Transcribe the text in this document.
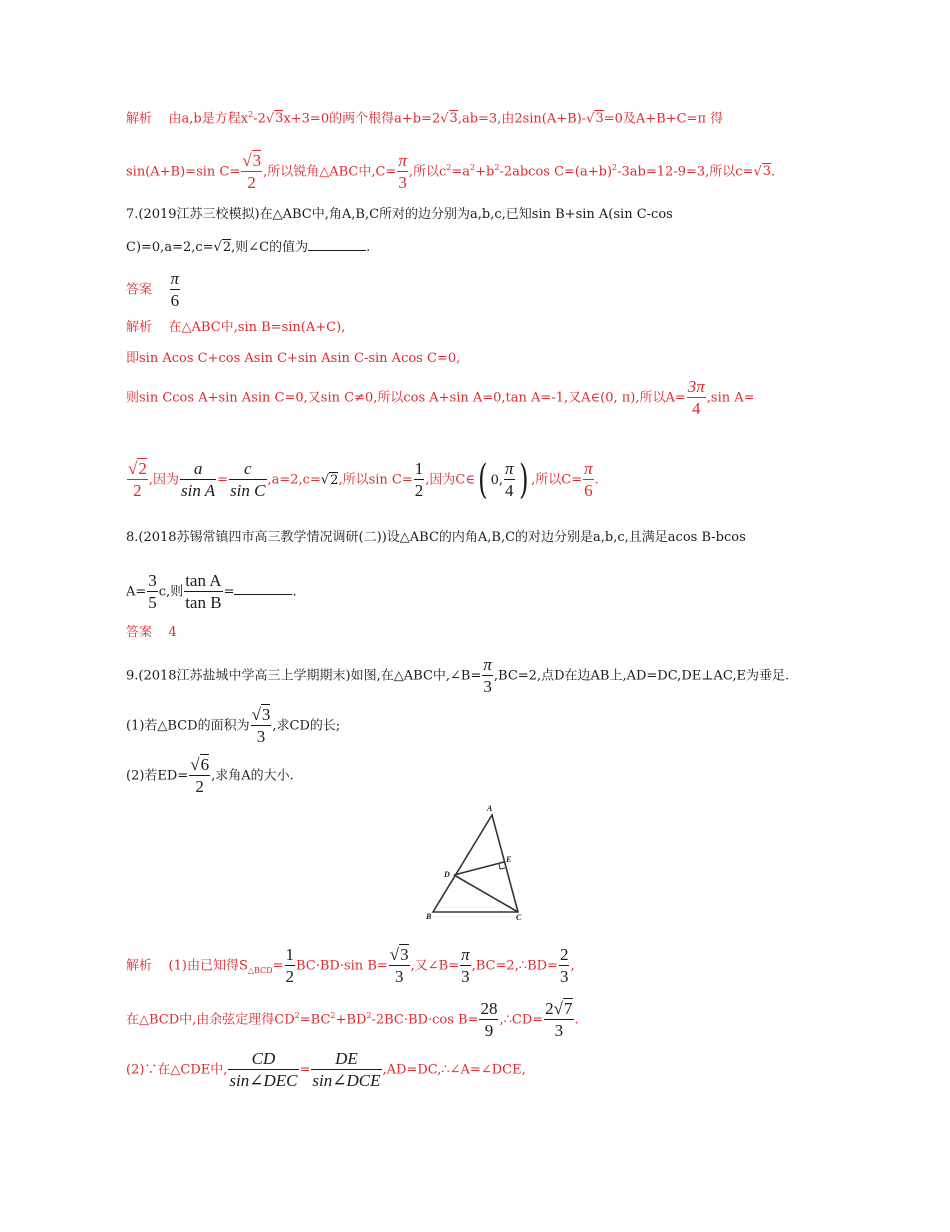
解析 由a,b是方程$x^2-2√3x+3=0$的两个根得a+b=2√3,ab=3,由2sin(A+B)-√3=0及A+B+C=π 得
sin(A+B)=sin $C= \frac{√3}{2}$ ,所以锐角△ABC中$,C= \frac{\pi}{3}$ ,所以$c^2=a^2+b^2-2abcos$ $C=(a+b)^2-3ab=12-9=3$,所以c=√3.
7.(2019江苏三校模拟)在△ABC中,角A,B,C所对的边分别为a,b,c,已知sin B+sin A(sin C-cos
C)=0,a=2,c=√2,则∠C的值为	.
答案 $\frac{\pi}{6}$
解析 在△ABC中,sin B=sin(A+C),
即sin Acos C+cos Asin C+sin Asin C-sin Acos C=0,
则sin Ccos A+sin Asin C=0,又sin C≠0,所以cos A+sin A=0,tan A=-1,又A∈(0, π),所以$A= \frac{3\pi}{4} ,\sin$ A=
$\frac{√2}{2}$ ,因为 $\frac{a}{\text{sin A}} = \frac{c}{\text{sin C}} ,a=2,c=√2$,所以$\sin C= \frac{1}{2}$ ,因为C∈( 0, $\frac{\pi}{4}$ ) ,所以$C= \frac{\pi}{6}$ .
8.(2018苏锡常镇四市高三教学情况调研(二))设△ABC的内角A,B,C的对边分别是a,b,c,且满足acos B-bcos
$A= \frac{3}{5} c$,则 $\frac{\text{tan A}}{\text{tan B}}$ =	.
答案 4
9.(2018江苏盐城中学高三上学期期末)如图,在△ABC中,∠B= $\frac{\pi}{3} ,BC=2$,点D在边AB上,AD=DC,DE⊥AC,E为垂足.
(1)若△BCD的面积为 $\frac{√3}{3}$ ,求CD的长;
(2)若$ED= \frac{√6}{2}$ ,求角A的大小.
A
B	C
D
E
解析 (1)由已知得$S_{\triangle BCD}= \frac{1}{2} BC\cdot BD\cdot\sin$ $B= \frac{√3}{3}$ ,又∠B= $\frac{\pi}{3}$ ,BC=2,∴BD= $\frac{2}{3}$ ,
在△BCD中,由余弦定理得$CD^2=BC^2+BD^2-2BC\cdot BD\cdot\cos$ $B= \frac{28}{9}$ ,∴CD= $\frac{2√7}{3}$ .
(2)∵在△CDE中, $\frac{CD}{\text{sin∠DEC}} = \frac{DE}{\text{sin∠DCE}}$ ,AD=DC,∴∠A=∠DCE,
